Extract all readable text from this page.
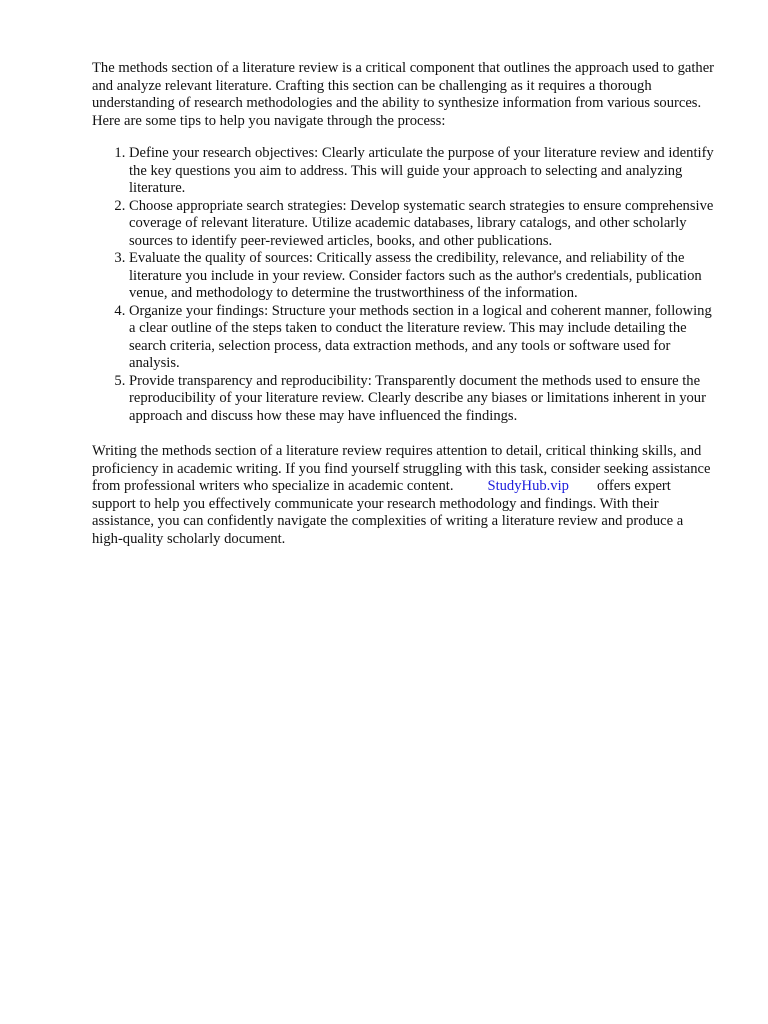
The methods section of a literature review is a critical component that outlines the approach used to gather and analyze relevant literature. Crafting this section can be challenging as it requires a thorough understanding of research methodologies and the ability to synthesize information from various sources. Here are some tips to help you navigate through the process:

1. Define your research objectives: Clearly articulate the purpose of your literature review and identify the key questions you aim to address. This will guide your approach to selecting and analyzing literature.
2. Choose appropriate search strategies: Develop systematic search strategies to ensure comprehensive coverage of relevant literature. Utilize academic databases, library catalogs, and other scholarly sources to identify peer-reviewed articles, books, and other publications.
3. Evaluate the quality of sources: Critically assess the credibility, relevance, and reliability of the literature you include in your review. Consider factors such as the author's credentials, publication venue, and methodology to determine the trustworthiness of the information.
4. Organize your findings: Structure your methods section in a logical and coherent manner, following a clear outline of the steps taken to conduct the literature review. This may include detailing the search criteria, selection process, data extraction methods, and any tools or software used for analysis.
5. Provide transparency and reproducibility: Transparently document the methods used to ensure the reproducibility of your literature review. Clearly describe any biases or limitations inherent in your approach and discuss how these may have influenced the findings.

Writing the methods section of a literature review requires attention to detail, critical thinking skills, and proficiency in academic writing. If you find yourself struggling with this task, consider seeking assistance from professional writers who specialize in academic content. StudyHub.vip offers expert support to help you effectively communicate your research methodology and findings. With their assistance, you can confidently navigate the complexities of writing a literature review and produce a high-quality scholarly document.
